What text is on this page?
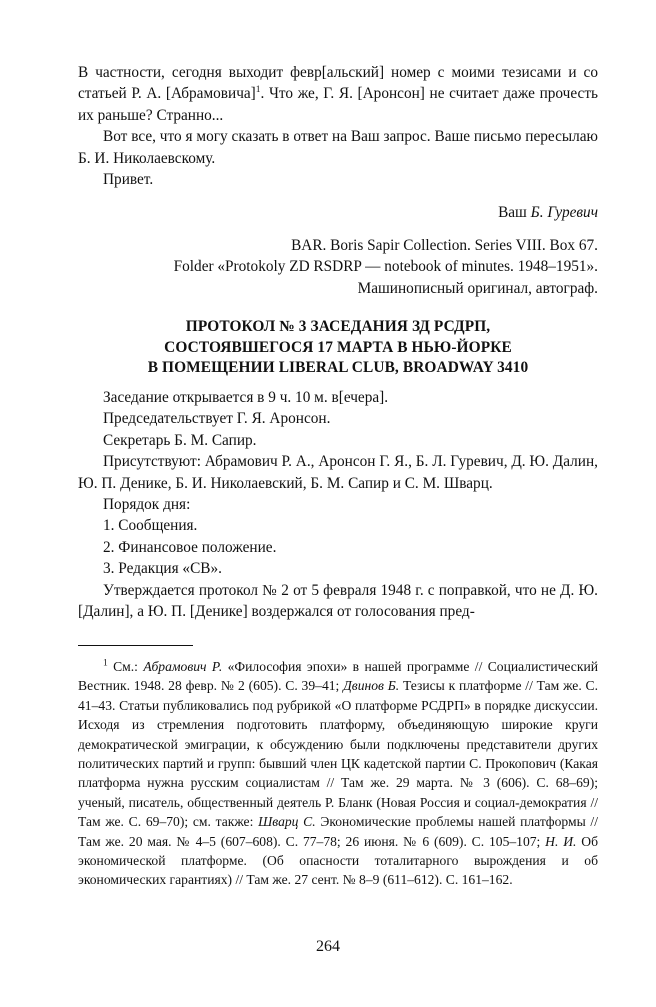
В частности, сегодня выходит февр[альский] номер с моими тезисами и со статьей Р. А. [Абрамовича]$^1$. Что же, Г. Я. [Аронсон] не считает даже прочесть их раньше? Странно...

Вот все, что я могу сказать в ответ на Ваш запрос. Ваше письмо пересылаю Б. И. Николаевскому.

Привет.

Ваш Б. Гуревич

BAR. Boris Sapir Collection. Series VIII. Box 67.
Folder «Protokoly ZD RSDRP — notebook of minutes. 1948–1951».
Машинописный оригинал, автограф.
ПРОТОКОЛ № 3 ЗАСЕДАНИЯ ЗД РСДРП,
СОСТОЯВШЕГОСЯ 17 МАРТА В НЬЮ-ЙОРКЕ
В ПОМЕЩЕНИИ LIBERAL CLUB, BROADWAY 3410

Заседание открывается в 9 ч. 10 м. в[ечера].

Председательствует Г. Я. Аронсон.

Секретарь Б. М. Сапир.

Присутствуют: Абрамович Р. А., Аронсон Г. Я., Б. Л. Гуревич, Д. Ю. Далин, Ю. П. Денике, Б. И. Николаевский, Б. М. Сапир и С. М. Шварц.

Порядок дня:

1. Сообщения.

2. Финансовое положение.

3. Редакция «СВ».

Утверждается протокол № 2 от 5 февраля 1948 г. с поправкой, что не Д. Ю. [Далин], а Ю. П. [Денике] воздержался от голосования пред-

$^1$ См.: Абрамович Р. «Философия эпохи» в нашей программе // Социалистический Вестник. 1948. 28 февр. № 2 (605). С. 39–41; Двинов Б. Тезисы к платформе // Там же. С. 41–43. Статьи публиковались под рубрикой «О платформе РСДРП» в порядке дискуссии. Исходя из стремления подготовить платформу, объединяющую широкие круги демократической эмиграции, к обсуждению были подключены представители других политических партий и групп: бывший член ЦК кадетской партии С. Прокопович (Какая платформа нужна русским социалистам // Там же. 29 марта. № 3 (606). С. 68–69); ученый, писатель, общественный деятель Р. Бланк (Новая Россия и социал-демократия // Там же. С. 69–70); см. также: Шварц С. Экономические проблемы нашей платформы // Там же. 20 мая. № 4–5 (607–608). С. 77–78; 26 июня. № 6 (609). С. 105–107; Н. И. Об экономической платформе. (Об опасности тоталитарного вырождения и об экономических гарантиях) // Там же. 27 сент. № 8–9 (611–612). С. 161–162.

264
